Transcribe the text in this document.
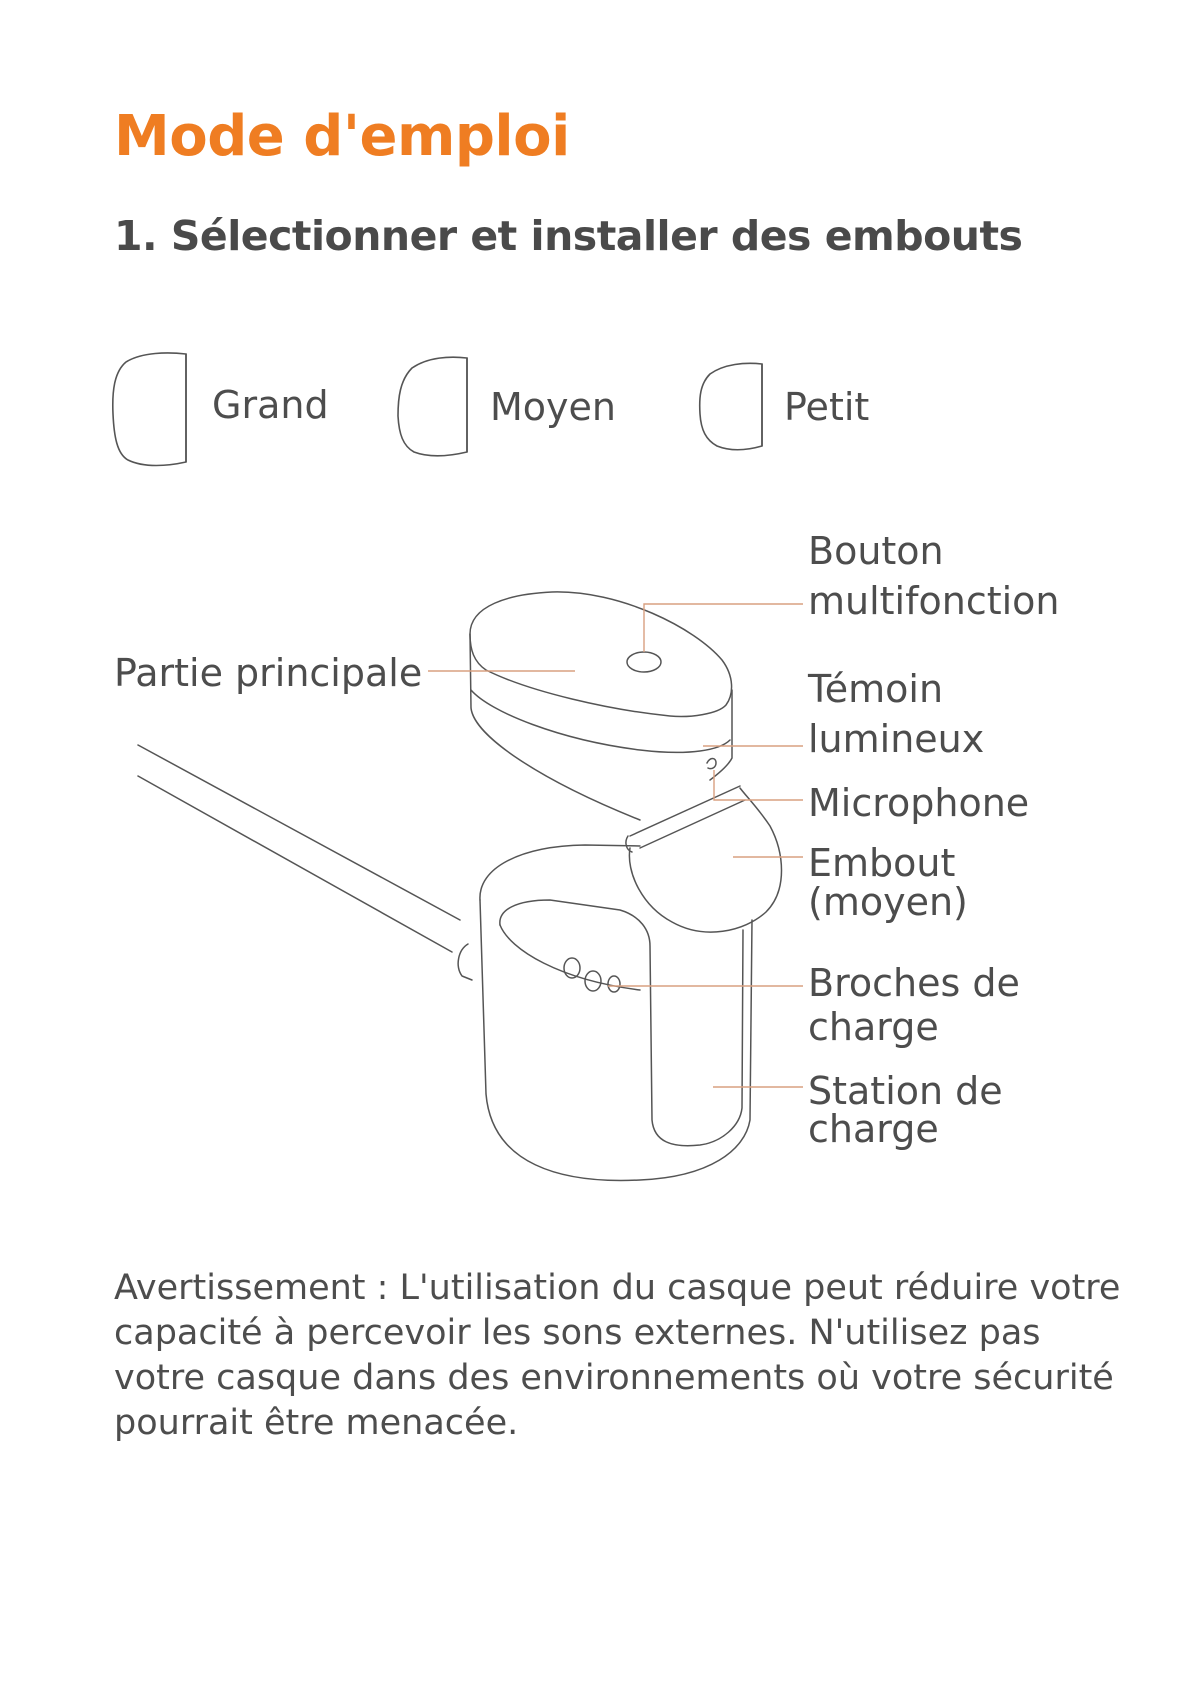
Mode d'emploi
1. Sélectionner et installer des embouts
Grand	Moyen	Petit
Partie principale
Bouton
multifonction
Témoin
lumineux
Microphone
Embout
(moyen)
Broches de
charge
Station de
charge

Avertissement : L'utilisation du casque peut réduire votre capacité à percevoir les sons externes. N'utilisez pas votre casque dans des environnements où votre sécurité pourrait être menacée.
